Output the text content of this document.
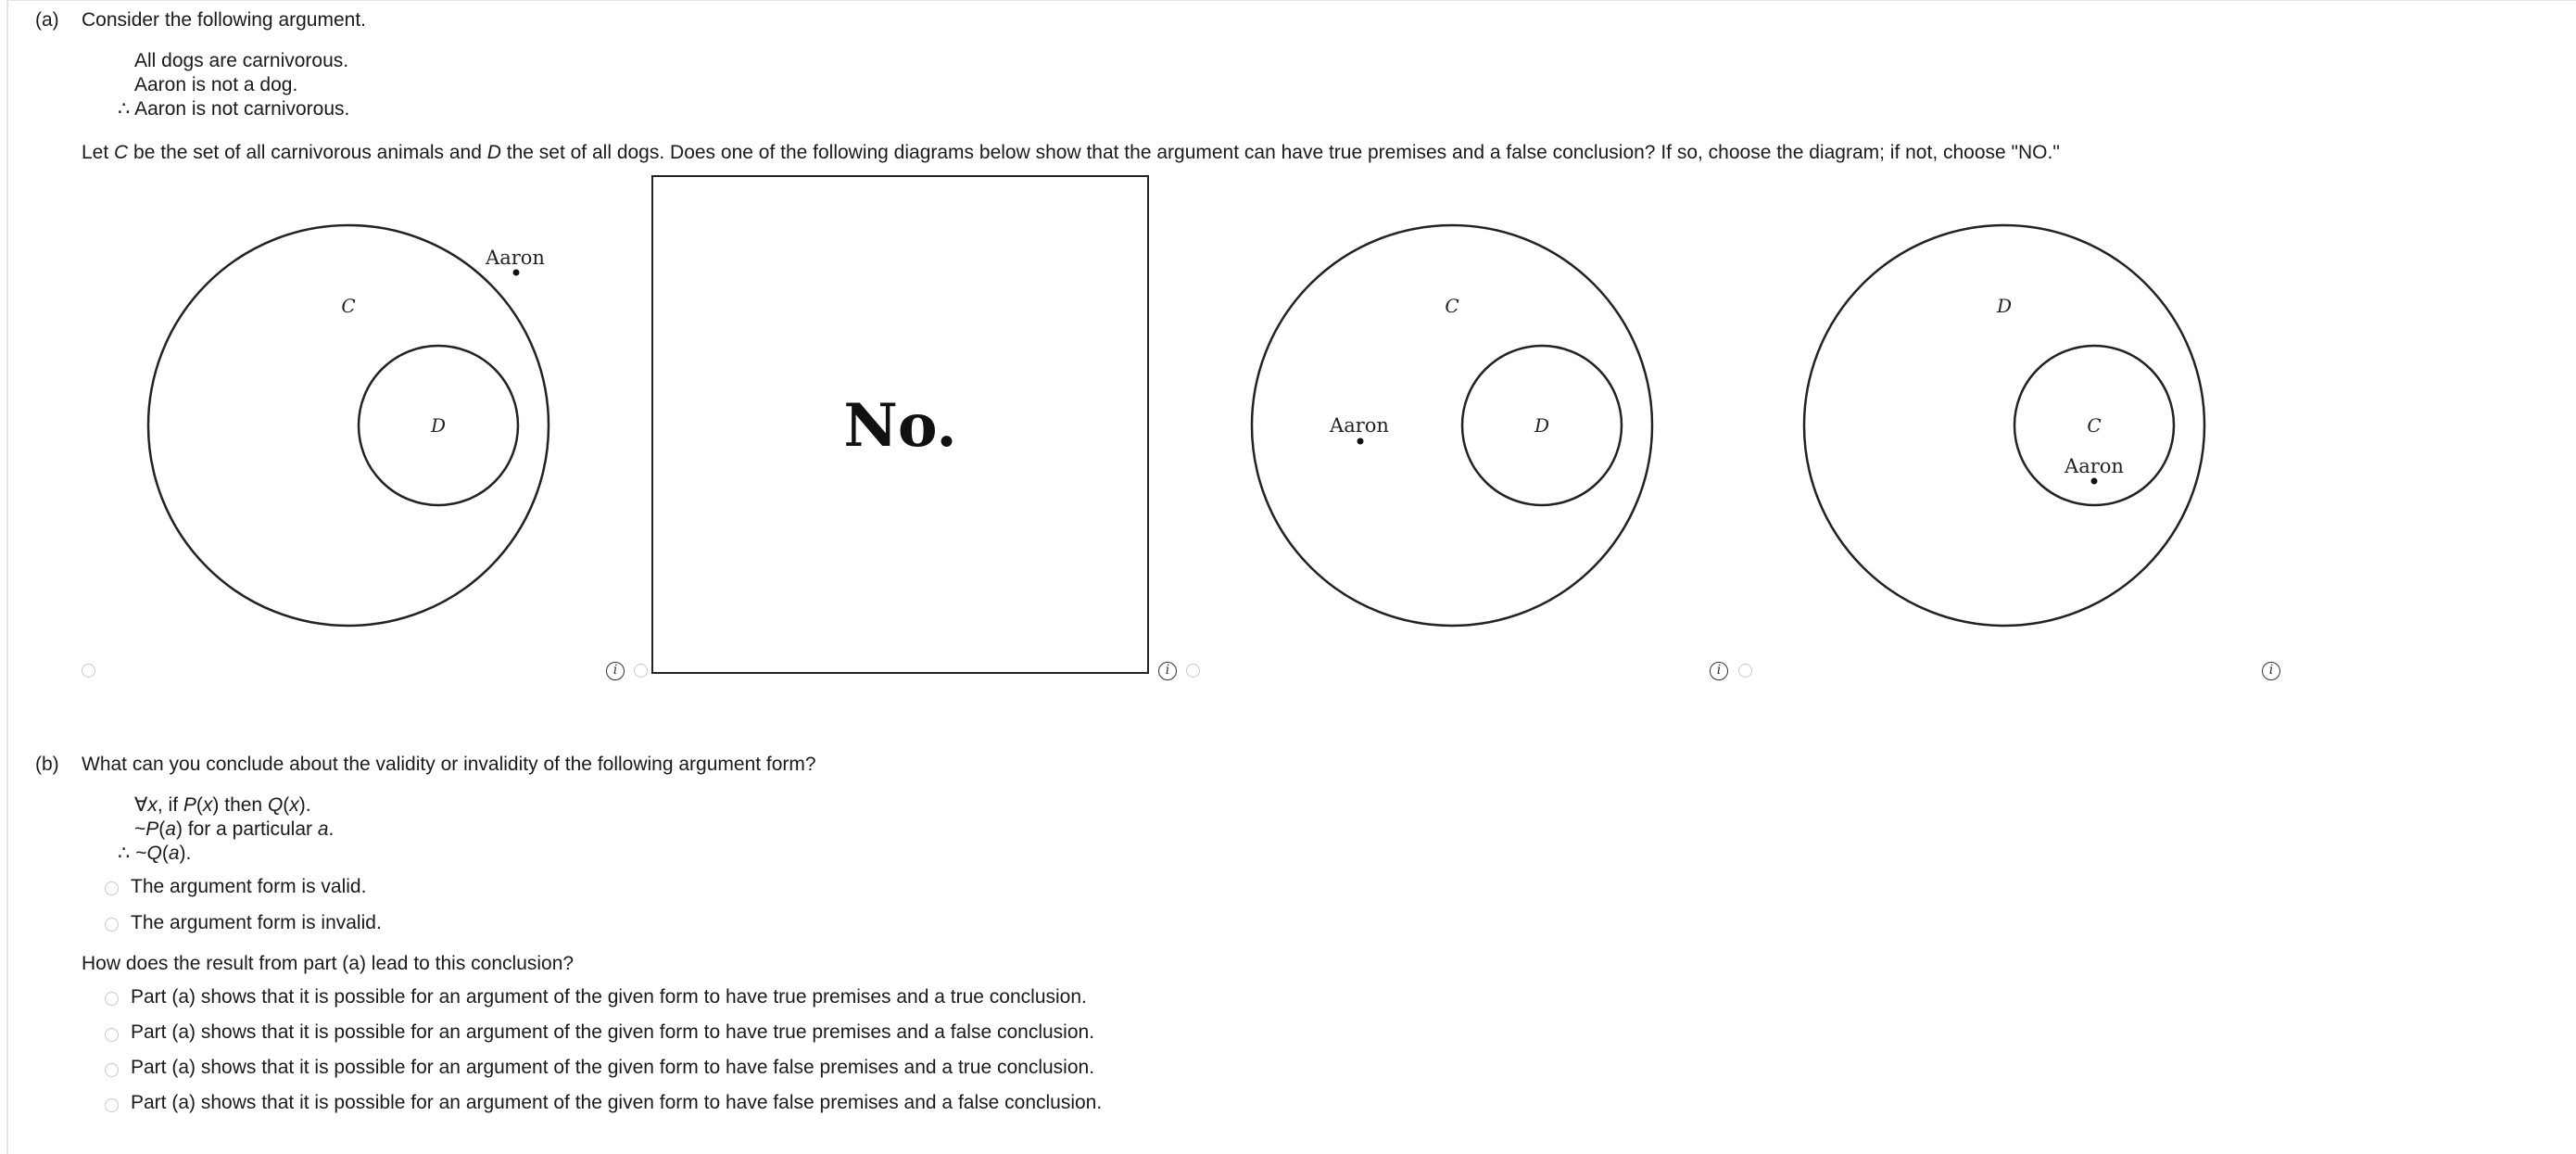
(a) Consider the following argument.
All dogs are carnivorous.
Aaron is not a dog.
∴ Aaron is not carnivorous.
Let C be the set of all carnivorous animals and D the set of all dogs. Does one of the following diagrams below show that the argument can have true premises and a false conclusion? If so, choose the diagram; if not, choose "NO."
C
D
Aaron
No.
C
D
Aaron
D
C
Aaron
i	i	i	i
(b) What can you conclude about the validity or invalidity of the following argument form?
∀x, if P(x) then Q(x).
~P(a) for a particular a.
∴ ~Q(a).
The argument form is valid.
The argument form is invalid.
How does the result from part (a) lead to this conclusion?
Part (a) shows that it is possible for an argument of the given form to have true premises and a true conclusion.
Part (a) shows that it is possible for an argument of the given form to have true premises and a false conclusion.
Part (a) shows that it is possible for an argument of the given form to have false premises and a true conclusion.
Part (a) shows that it is possible for an argument of the given form to have false premises and a false conclusion.
